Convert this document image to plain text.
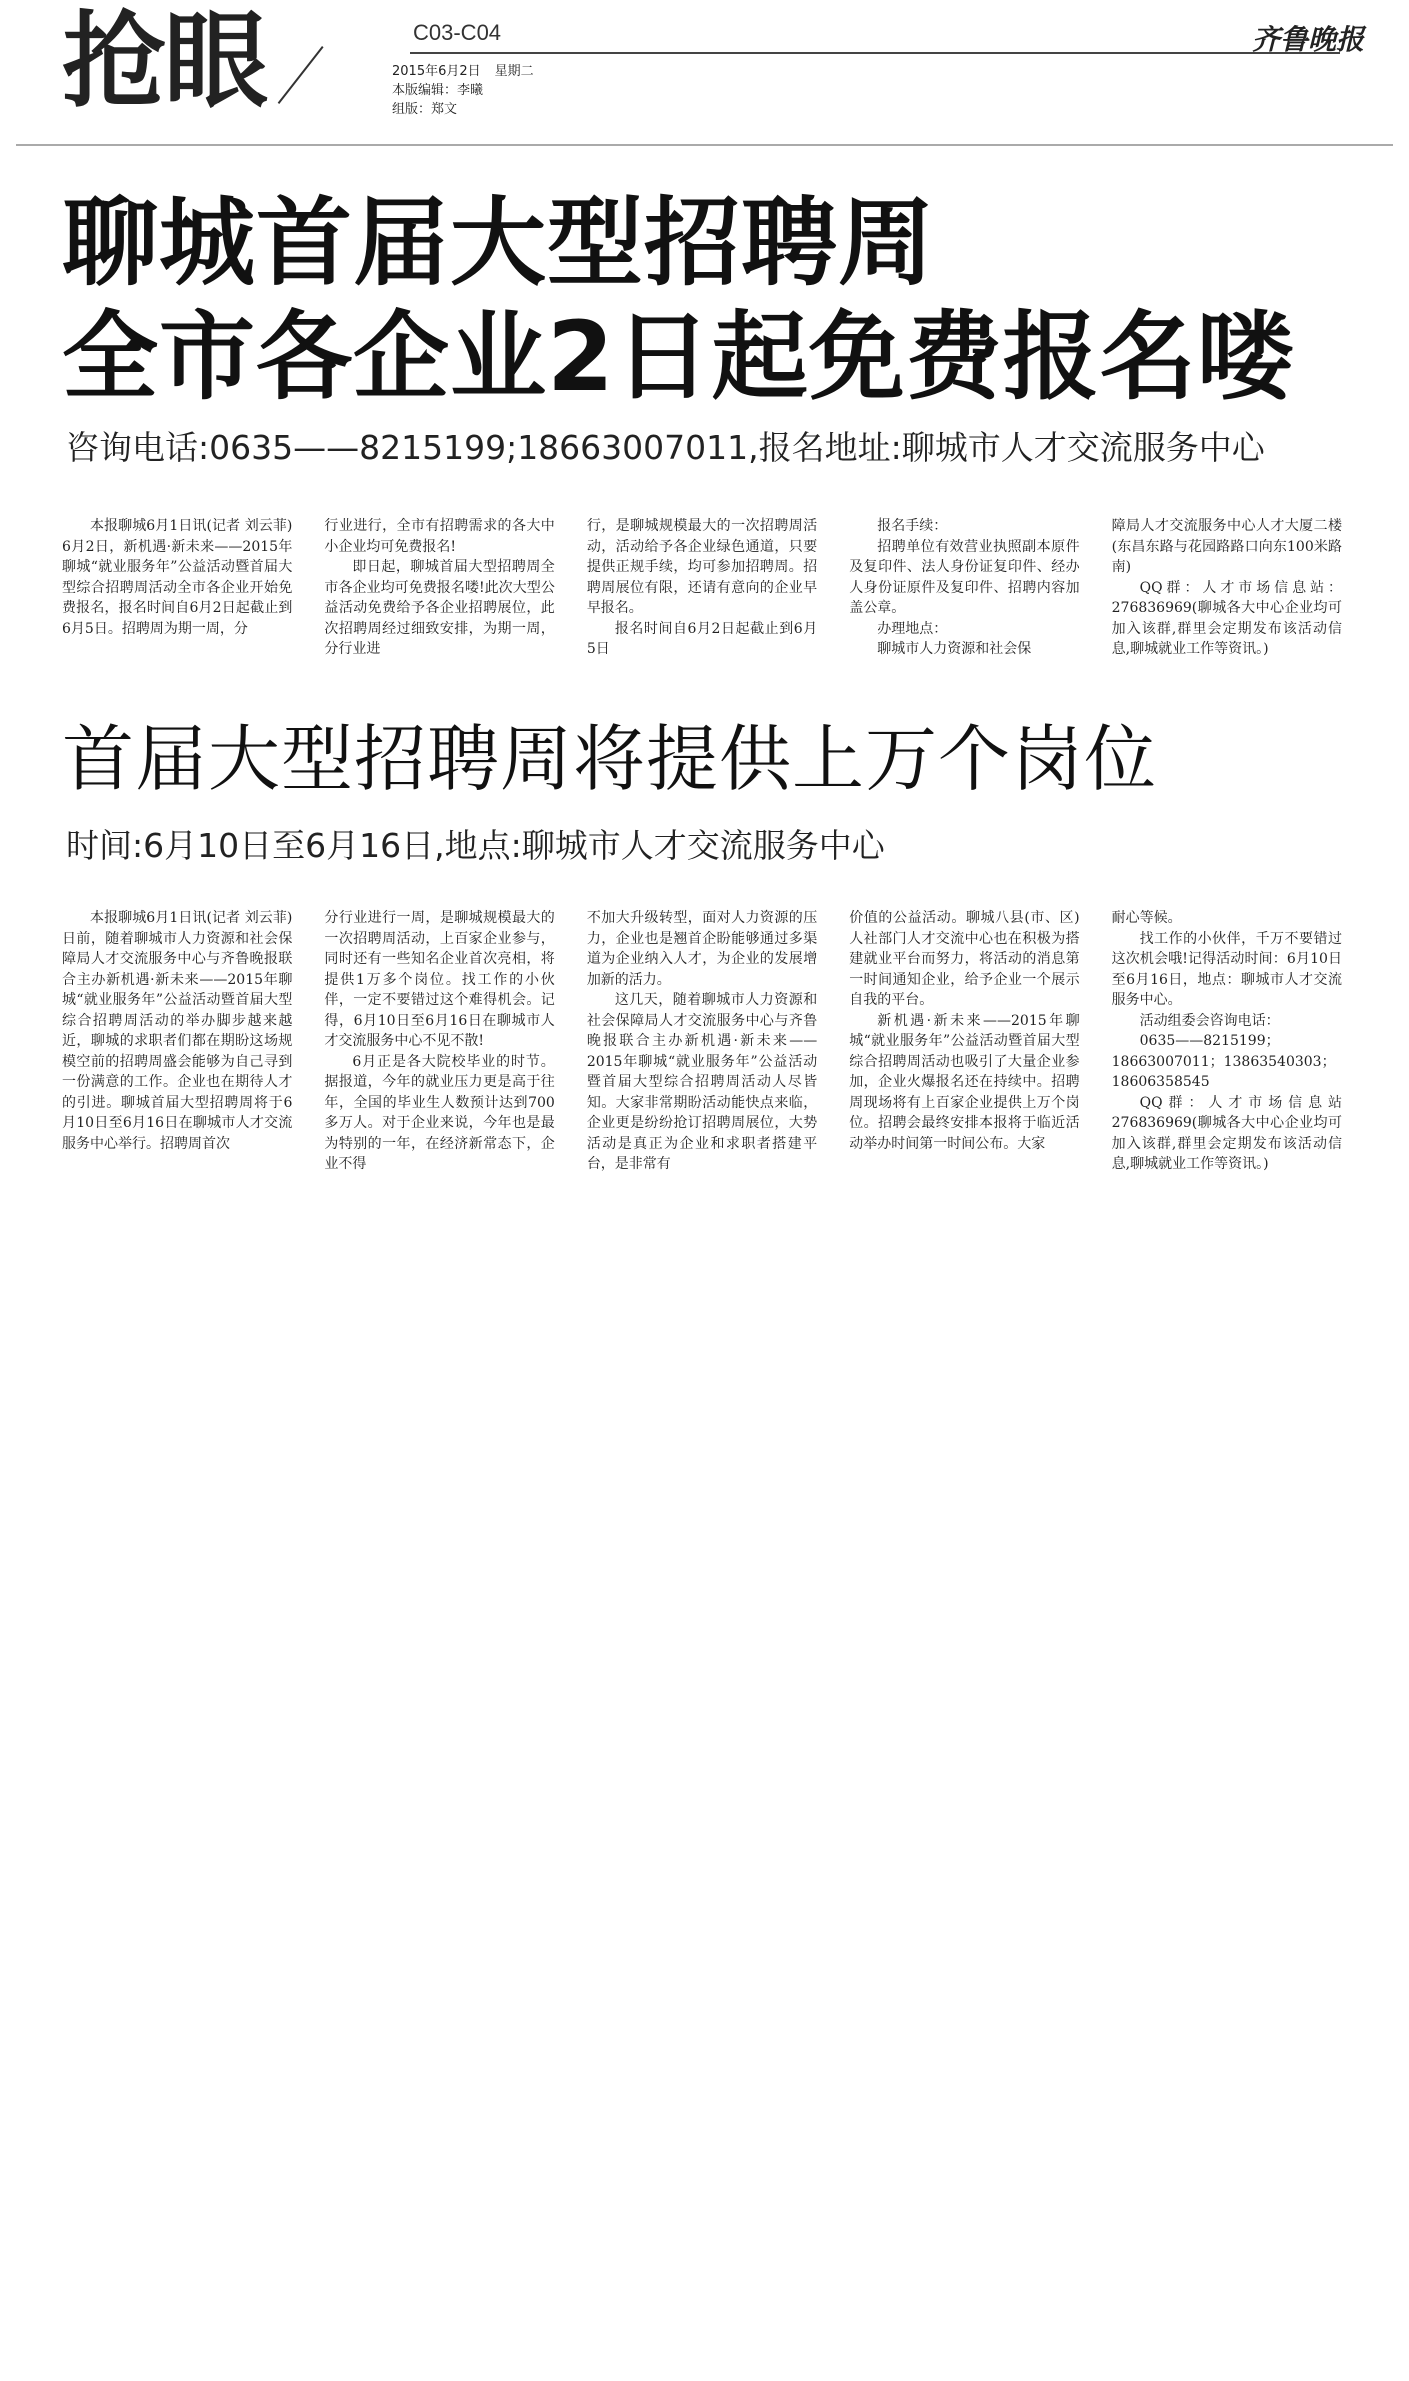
抢眼	C03-C04
2015年6月2日 星期二
本版编辑：李曦
组版：郑文
齐鲁晚报
聊城首届大型招聘周
全市各企业2日起免费报名喽
咨询电话:0635——8215199;18663007011,报名地址:聊城市人才交流服务中心

本报聊城6月1日讯(记者 刘云菲) 6月2日，新机遇·新未来——2015年聊城“就业服务年”公益活动暨首届大型综合招聘周活动全市各企业开始免费报名，报名时间自6月2日起截止到6月5日。招聘周为期一周，分

行业进行，全市有招聘需求的各大中小企业均可免费报名!

即日起，聊城首届大型招聘周全市各企业均可免费报名喽!此次大型公益活动免费给予各企业招聘展位，此次招聘周经过细致安排，为期一周，分行业进

行，是聊城规模最大的一次招聘周活动，活动给予各企业绿色通道，只要提供正规手续，均可参加招聘周。招聘周展位有限，还请有意向的企业早早报名。

报名时间自6月2日起截止到6月5日

报名手续：

招聘单位有效营业执照副本原件及复印件、法人身份证复印件、经办人身份证原件及复印件、招聘内容加盖公章。

办理地点：

聊城市人力资源和社会保

障局人才交流服务中心人才大厦二楼(东昌东路与花园路路口向东100米路南)

QQ群：人才市场信息站：276836969(聊城各大中心企业均可加入该群,群里会定期发布该活动信息,聊城就业工作等资讯。)

首届大型招聘周将提供上万个岗位
时间:6月10日至6月16日,地点:聊城市人才交流服务中心

本报聊城6月1日讯(记者 刘云菲) 日前，随着聊城市人力资源和社会保障局人才交流服务中心与齐鲁晚报联合主办新机遇·新未来——2015年聊城“就业服务年”公益活动暨首届大型综合招聘周活动的举办脚步越来越近，聊城的求职者们都在期盼这场规模空前的招聘周盛会能够为自己寻到一份满意的工作。企业也在期待人才的引进。聊城首届大型招聘周将于6月10日至6月16日在聊城市人才交流服务中心举行。招聘周首次

分行业进行一周，是聊城规模最大的一次招聘周活动，上百家企业参与，同时还有一些知名企业首次亮相，将提供1万多个岗位。找工作的小伙伴，一定不要错过这个难得机会。记得，6月10日至6月16日在聊城市人才交流服务中心不见不散!

6月正是各大院校毕业的时节。据报道，今年的就业压力更是高于往年，全国的毕业生人数预计达到700多万人。对于企业来说，今年也是最为特别的一年，在经济新常态下，企业不得

不加大升级转型，面对人力资源的压力，企业也是翘首企盼能够通过多渠道为企业纳入人才，为企业的发展增加新的活力。

这几天，随着聊城市人力资源和社会保障局人才交流服务中心与齐鲁晚报联合主办新机遇·新未来——2015年聊城“就业服务年”公益活动暨首届大型综合招聘周活动人尽皆知。大家非常期盼活动能快点来临，企业更是纷纷抢订招聘周展位，大势活动是真正为企业和求职者搭建平台，是非常有

价值的公益活动。聊城八县(市、区)人社部门人才交流中心也在积极为搭建就业平台而努力，将活动的消息第一时间通知企业，给予企业一个展示自我的平台。

新机遇·新未来——2015年聊城“就业服务年”公益活动暨首届大型综合招聘周活动也吸引了大量企业参加，企业火爆报名还在持续中。招聘周现场将有上百家企业提供上万个岗位。招聘会最终安排本报将于临近活动举办时间第一时间公布。大家

耐心等候。

找工作的小伙伴，千万不要错过这次机会哦!记得活动时间：6月10日至6月16日，地点：聊城市人才交流服务中心。

活动组委会咨询电话：

0635——8215199；18663007011；13863540303；18606358545

QQ群：人才市场信息站276836969(聊城各大中心企业均可加入该群,群里会定期发布该活动信息,聊城就业工作等资讯。)
